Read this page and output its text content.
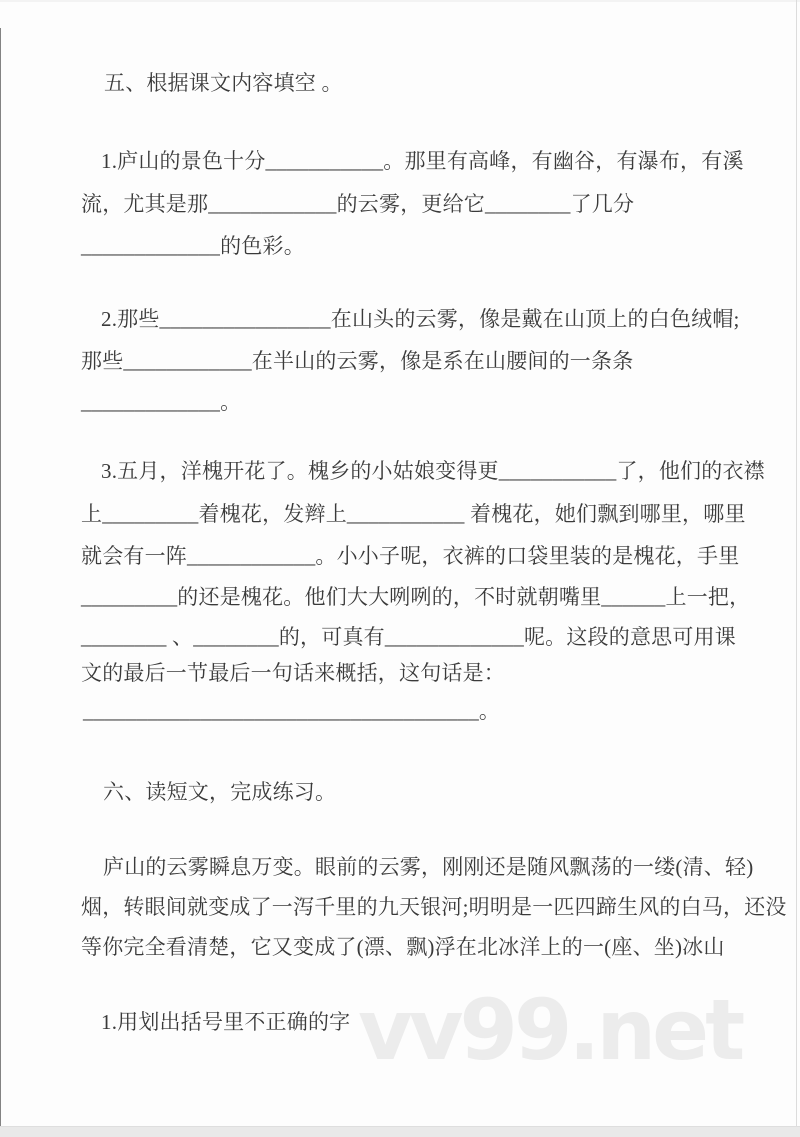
vv99.net
五、根据课文内容填空 。
1.庐山的景色十分___________。那里有高峰，有幽谷，有瀑布，有溪
流，尤其是那____________的云雾，更给它________了几分
_____________的色彩。
2.那些________________在山头的云雾，像是戴在山顶上的白色绒帽;
那些____________在半山的云雾，像是系在山腰间的一条条
_____________。
3.五月，洋槐开花了。槐乡的小姑娘变得更___________了，他们的衣襟
上_________着槐花，发辫上___________ 着槐花，她们飘到哪里，哪里
就会有一阵____________。小小子呢，衣裤的口袋里装的是槐花，手里
_________的还是槐花。他们大大咧咧的，不时就朝嘴里______上一把，
________ 、________的，可真有_____________呢。这段的意思可用课
文的最后一节最后一句话来概括，这句话是：
_____________________________________。
六、读短文，完成练习。
庐山的云雾瞬息万变。眼前的云雾，刚刚还是随风飘荡的一缕(清、轻)
烟，转眼间就变成了一泻千里的九天银河;明明是一匹四蹄生风的白马，还没
等你完全看清楚，它又变成了(漂、飘)浮在北冰洋上的一(座、坐)冰山
1.用划出括号里不正确的字
